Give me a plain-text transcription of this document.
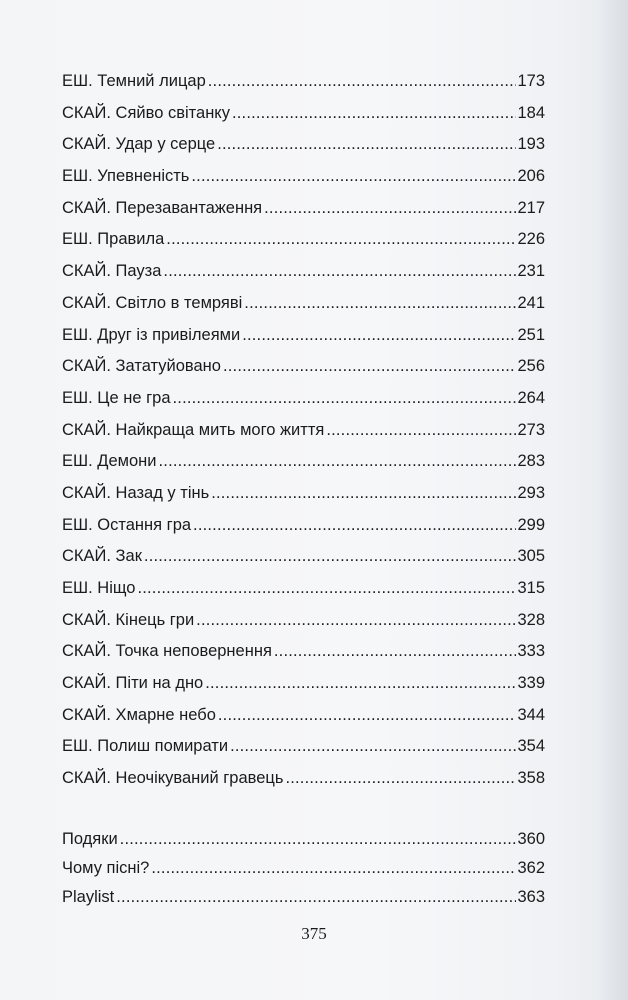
ЕШ. Темний лицар .....	173
СКАЙ. Сяйво світанку .....	184
СКАЙ. Удар у серце .....	193
ЕШ. Упевненість .....	206
СКАЙ. Перезавантаження .....	217
ЕШ. Правила .....	226
СКАЙ. Пауза .....	231
СКАЙ. Світло в темряві .....	241
ЕШ. Друг із привілеями .....	251
СКАЙ. Зататуйовано .....	256
ЕШ. Це не гра .....	264
СКАЙ. Найкраща мить мого життя .....	273
ЕШ. Демони .....	283
СКАЙ. Назад у тінь .....	293
ЕШ. Остання гра .....	299
СКАЙ. Зак .....	305
ЕШ. Ніщо .....	315
СКАЙ. Кінець гри .....	328
СКАЙ. Точка неповернення .....	333
СКАЙ. Піти на дно .....	339
СКАЙ. Хмарне небо .....	344
ЕШ. Полиш помирати .....	354
СКАЙ. Неочікуваний гравець .....	358
Подяки .....	360
Чому пісні? .....	362
Playlist .....	363
375
